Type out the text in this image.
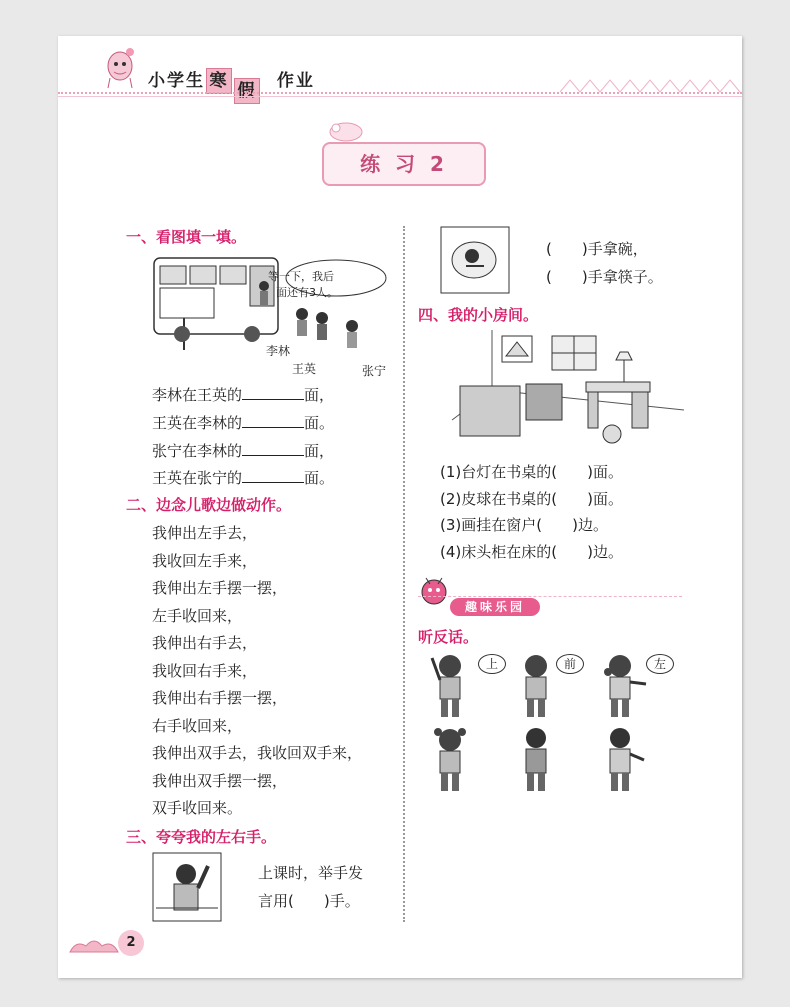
小学生 寒 假 作业
练 习 2
一、看图填一填。
等一下，我后
面还有3人。
李林
王英	张宁
李林在王英的	面，
王英在李林的	面。
张宁在李林的	面，
王英在张宁的	面。
二、边念儿歌边做动作。
我伸出左手去，
我收回左手来，
我伸出左手摆一摆，
左手收回来，
我伸出右手去，
我收回右手来，
我伸出右手摆一摆，
右手收回来，
我伸出双手去，我收回双手来，
我伸出双手摆一摆，
双手收回来。
三、夸夸我的左右手。
上课时，举手发
言用(　　)手。
(　　)手拿碗，
(　　)手拿筷子。
四、我的小房间。
(1)台灯在书桌的(　　)面。
(2)皮球在书桌的(　　)面。
(3)画挂在窗户(　　)边。
(4)床头柜在床的(　　)边。
趣味乐园
听反话。
上	前	左
2
